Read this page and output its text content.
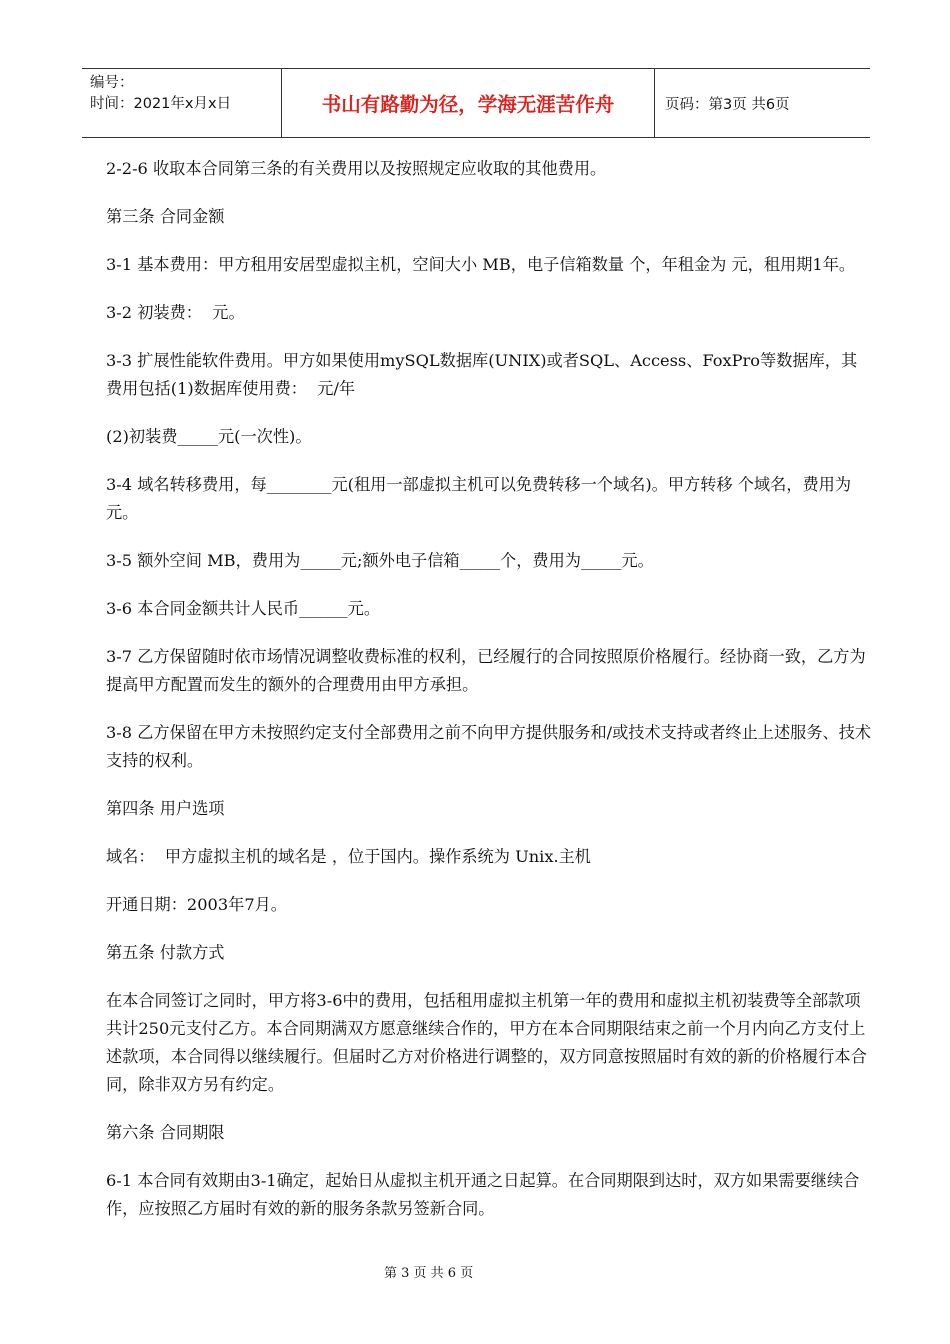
编号：
时间：2021年x月x日	书山有路勤为径，学海无涯苦作舟	页码：第3页 共6页

2-2-6 收取本合同第三条的有关费用以及按照规定应收取的其他费用。

第三条 合同金额

3-1 基本费用：甲方租用安居型虚拟主机，空间大小 MB，电子信箱数量 个，年租金为 元，租用期1年。

3-2 初装费：  元。

3-3 扩展性能软件费用。甲方如果使用mySQL数据库(UNIX)或者SQL、Access、FoxPro等数据库，其费用包括(1)数据库使用费：  元/年

(2)初装费_____元(一次性)。

3-4 域名转移费用，每________元(租用一部虚拟主机可以免费转移一个域名)。甲方转移 个域名，费用为 元。

3-5 额外空间 MB，费用为_____元;额外电子信箱_____个，费用为_____元。

3-6 本合同金额共计人民币______元。

3-7 乙方保留随时依市场情况调整收费标准的权利，已经履行的合同按照原价格履行。经协商一致，乙方为提高甲方配置而发生的额外的合理费用由甲方承担。

3-8 乙方保留在甲方未按照约定支付全部费用之前不向甲方提供服务和/或技术支持或者终止上述服务、技术支持的权利。

第四条 用户选项

域名：  甲方虚拟主机的域名是 ，位于国内。操作系统为 Unix.主机

开通日期：2003年7月。

第五条 付款方式

在本合同签订之同时，甲方将3-6中的费用，包括租用虚拟主机第一年的费用和虚拟主机初装费等全部款项共计250元支付乙方。本合同期满双方愿意继续合作的，甲方在本合同期限结束之前一个月内向乙方支付上述款项，本合同得以继续履行。但届时乙方对价格进行调整的，双方同意按照届时有效的新的价格履行本合同，除非双方另有约定。

第六条 合同期限

6-1 本合同有效期由3-1确定，起始日从虚拟主机开通之日起算。在合同期限到达时，双方如果需要继续合作，应按照乙方届时有效的新的服务条款另签新合同。

第 3 页 共 6 页
